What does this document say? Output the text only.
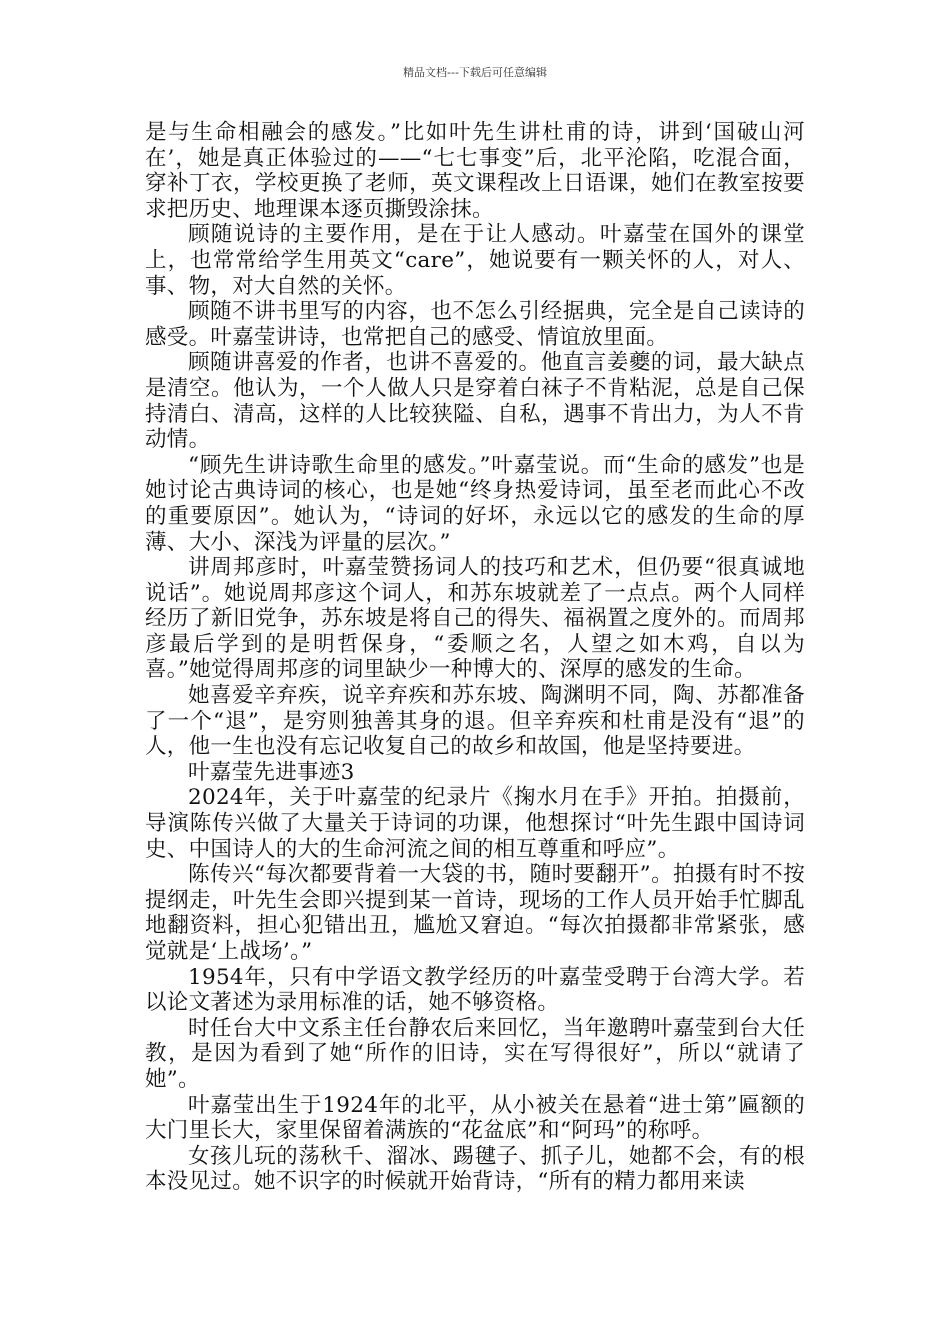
精品文档---下载后可任意编辑

是与生命相融会的感发。”比如叶先生讲杜甫的诗，讲到‘国破山河在’，她是真正体验过的——“七七事变”后，北平沦陷，吃混合面，穿补丁衣，学校更换了老师，英文课程改上日语课，她们在教室按要求把历史、地理课本逐页撕毁涂抹。

顾随说诗的主要作用，是在于让人感动。叶嘉莹在国外的课堂上，也常常给学生用英文“care”，她说要有一颗关怀的人，对人、事、物，对大自然的关怀。

顾随不讲书里写的内容，也不怎么引经据典，完全是自己读诗的感受。叶嘉莹讲诗，也常把自己的感受、情谊放里面。

顾随讲喜爱的作者，也讲不喜爱的。他直言姜夔的词，最大缺点是清空。他认为，一个人做人只是穿着白袜子不肯粘泥，总是自己保持清白、清高，这样的人比较狭隘、自私，遇事不肯出力，为人不肯动情。

“顾先生讲诗歌生命里的感发。”叶嘉莹说。而“生命的感发”也是她讨论古典诗词的核心，也是她“终身热爱诗词，虽至老而此心不改的重要原因”。她认为，“诗词的好坏，永远以它的感发的生命的厚薄、大小、深浅为评量的层次。”

讲周邦彦时，叶嘉莹赞扬词人的技巧和艺术，但仍要“很真诚地说话”。她说周邦彦这个词人，和苏东坡就差了一点点。两个人同样经历了新旧党争，苏东坡是将自己的得失、福祸置之度外的。而周邦彦最后学到的是明哲保身，“委顺之名，人望之如木鸡，自以为喜。”她觉得周邦彦的词里缺少一种博大的、深厚的感发的生命。

她喜爱辛弃疾，说辛弃疾和苏东坡、陶渊明不同，陶、苏都准备了一个“退”，是穷则独善其身的退。但辛弃疾和杜甫是没有“退”的人，他一生也没有忘记收复自己的故乡和故国，他是坚持要进。

叶嘉莹先进事迹3

2024年，关于叶嘉莹的纪录片《掬水月在手》开拍。拍摄前，导演陈传兴做了大量关于诗词的功课，他想探讨“叶先生跟中国诗词史、中国诗人的大的生命河流之间的相互尊重和呼应”。

陈传兴“每次都要背着一大袋的书，随时要翻开”。拍摄有时不按提纲走，叶先生会即兴提到某一首诗，现场的工作人员开始手忙脚乱地翻资料，担心犯错出丑，尴尬又窘迫。“每次拍摄都非常紧张，感觉就是‘上战场’。”

1954年，只有中学语文教学经历的叶嘉莹受聘于台湾大学。若以论文著述为录用标准的话，她不够资格。

时任台大中文系主任台静农后来回忆，当年邀聘叶嘉莹到台大任教，是因为看到了她“所作的旧诗，实在写得很好”，所以“就请了她”。

叶嘉莹出生于1924年的北平，从小被关在悬着“进士第”匾额的大门里长大，家里保留着满族的“花盆底”和“阿玛”的称呼。

女孩儿玩的荡秋千、溜冰、踢毽子、抓子儿，她都不会，有的根本没见过。她不识字的时候就开始背诗，“所有的精力都用来读
